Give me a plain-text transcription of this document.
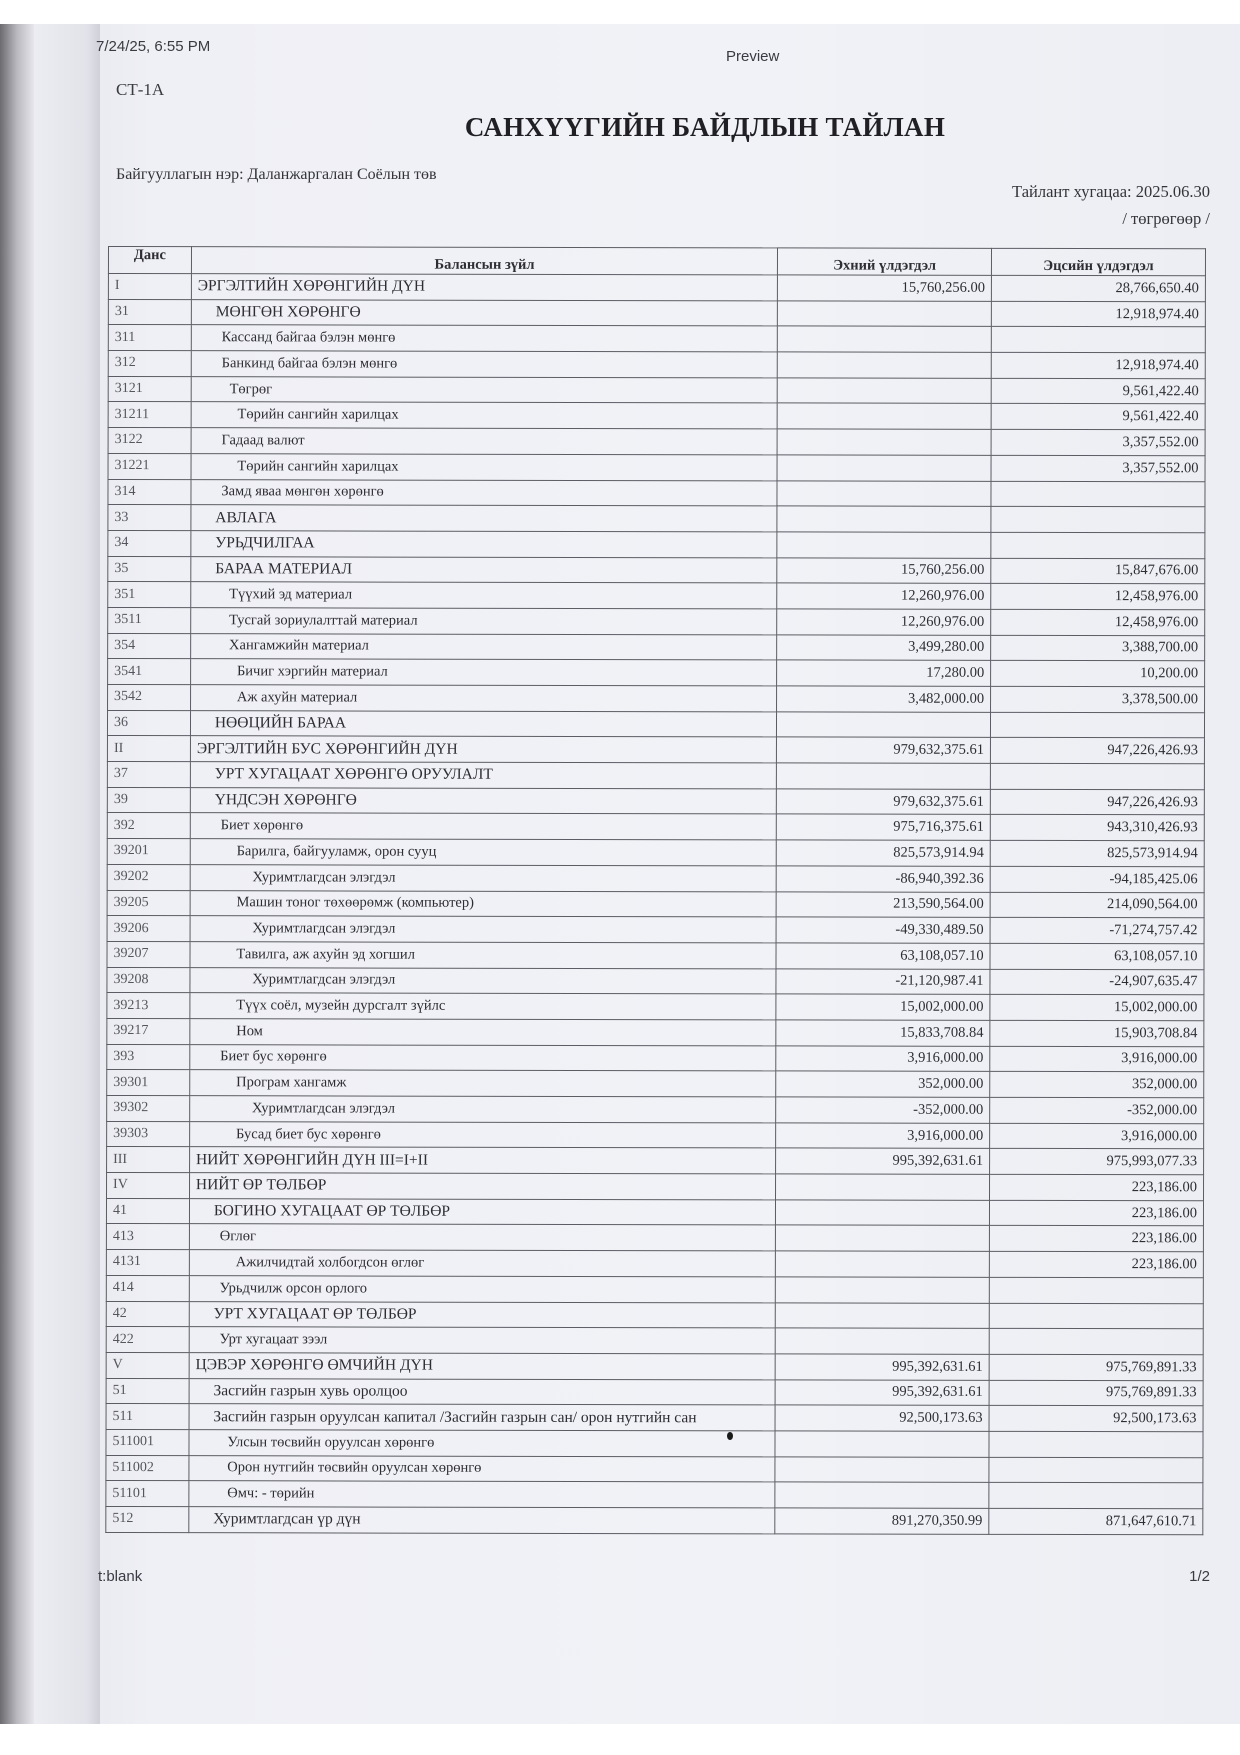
7/24/25, 6:55 PM
Preview
СТ-1А
САНХҮҮГИЙН БАЙДЛЫН ТАЙЛАН
Байгууллагын нэр: Даланжаргалан Соёлын төв
Тайлант хугацаа: 2025.06.30
/ төгрөгөөр /
Данс	Балансын зүйл	Эхний үлдэгдэл	Эцсийн үлдэгдэл
I	ЭРГЭЛТИЙН ХӨРӨНГИЙН ДҮН	15,760,256.00	28,766,650.40
31	МӨНГӨН ХӨРӨНГӨ		12,918,974.40
311	Кассанд байгаа бэлэн мөнгө		
312	Банкинд байгаа бэлэн мөнгө		12,918,974.40
3121	Төгрөг		9,561,422.40
31211	Төрийн сангийн харилцах		9,561,422.40
3122	Гадаад валют		3,357,552.00
31221	Төрийн сангийн харилцах		3,357,552.00
314	Замд яваа мөнгөн хөрөнгө		
33	АВЛАГА		
34	УРЬДЧИЛГАА		
35	БАРАА МАТЕРИАЛ	15,760,256.00	15,847,676.00
351	Түүхий эд материал	12,260,976.00	12,458,976.00
3511	Тусгай зориулалттай материал	12,260,976.00	12,458,976.00
354	Хангамжийн материал	3,499,280.00	3,388,700.00
3541	Бичиг хэргийн материал	17,280.00	10,200.00
3542	Аж ахуйн материал	3,482,000.00	3,378,500.00
36	НӨӨЦИЙН БАРАА		
II	ЭРГЭЛТИЙН БУС ХӨРӨНГИЙН ДҮН	979,632,375.61	947,226,426.93
37	УРТ ХУГАЦААТ ХӨРӨНГӨ ОРУУЛАЛТ		
39	ҮНДСЭН ХӨРӨНГӨ	979,632,375.61	947,226,426.93
392	Биет хөрөнгө	975,716,375.61	943,310,426.93
39201	Барилга, байгууламж, орон сууц	825,573,914.94	825,573,914.94
39202	Хуримтлагдсан элэгдэл	-86,940,392.36	-94,185,425.06
39205	Машин тоног төхөөрөмж (компьютер)	213,590,564.00	214,090,564.00
39206	Хуримтлагдсан элэгдэл	-49,330,489.50	-71,274,757.42
39207	Тавилга, аж ахуйн эд хогшил	63,108,057.10	63,108,057.10
39208	Хуримтлагдсан элэгдэл	-21,120,987.41	-24,907,635.47
39213	Түүх соёл, музейн дурсгалт зүйлс	15,002,000.00	15,002,000.00
39217	Ном	15,833,708.84	15,903,708.84
393	Биет бус хөрөнгө	3,916,000.00	3,916,000.00
39301	Програм хангамж	352,000.00	352,000.00
39302	Хуримтлагдсан элэгдэл	-352,000.00	-352,000.00
39303	Бусад биет бус хөрөнгө	3,916,000.00	3,916,000.00
III	НИЙТ ХӨРӨНГИЙН ДҮН III=I+II	995,392,631.61	975,993,077.33
IV	НИЙТ ӨР ТӨЛБӨР		223,186.00
41	БОГИНО ХУГАЦААТ ӨР ТӨЛБӨР		223,186.00
413	Өглөг		223,186.00
4131	Ажилчидтай холбогдсон өглөг		223,186.00
414	Урьдчилж орсон орлого		
42	УРТ ХУГАЦААТ ӨР ТӨЛБӨР		
422	Урт хугацаат зээл		
V	ЦЭВЭР ХӨРӨНГӨ ӨМЧИЙН ДҮН	995,392,631.61	975,769,891.33
51	Засгийн газрын хувь оролцоо	995,392,631.61	975,769,891.33
511	Засгийн газрын оруулсан капитал /Засгийн газрын сан/ орон нутгийн сан	92,500,173.63	92,500,173.63
511001	Улсын төсвийн оруулсан хөрөнгө		
511002	Орон нутгийн төсвийн оруулсан хөрөнгө		
51101	Өмч: - төрийн		
512	Хуримтлагдсан үр дүн	891,270,350.99	871,647,610.71
t:blank	1/2
